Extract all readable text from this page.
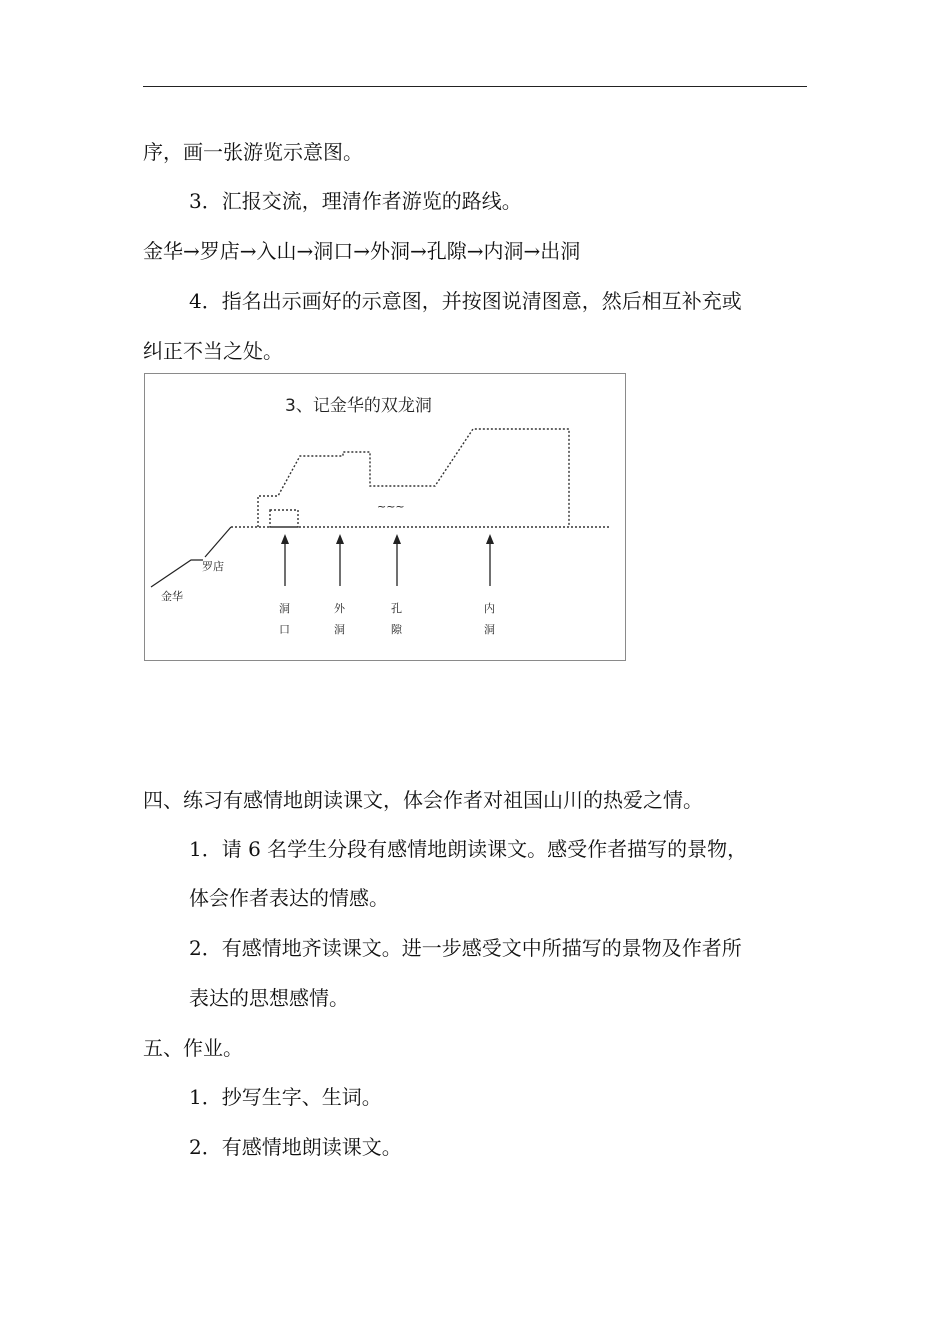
序，画一张游览示意图。
3．汇报交流，理清作者游览的路线。
金华→罗店→入山→洞口→外洞→孔隙→内洞→出洞
4．指名出示画好的示意图，并按图说清图意，然后相互补充或
纠正不当之处。
3、记金华的双龙洞
~~~
金华
罗店
洞
口
外
洞
孔
隙
内
洞
四、练习有感情地朗读课文，体会作者对祖国山川的热爱之情。
1．请 6 名学生分段有感情地朗读课文。感受作者描写的景物，
体会作者表达的情感。
2．有感情地齐读课文。进一步感受文中所描写的景物及作者所
表达的思想感情。
五、作业。
1．抄写生字、生词。
2．有感情地朗读课文。
